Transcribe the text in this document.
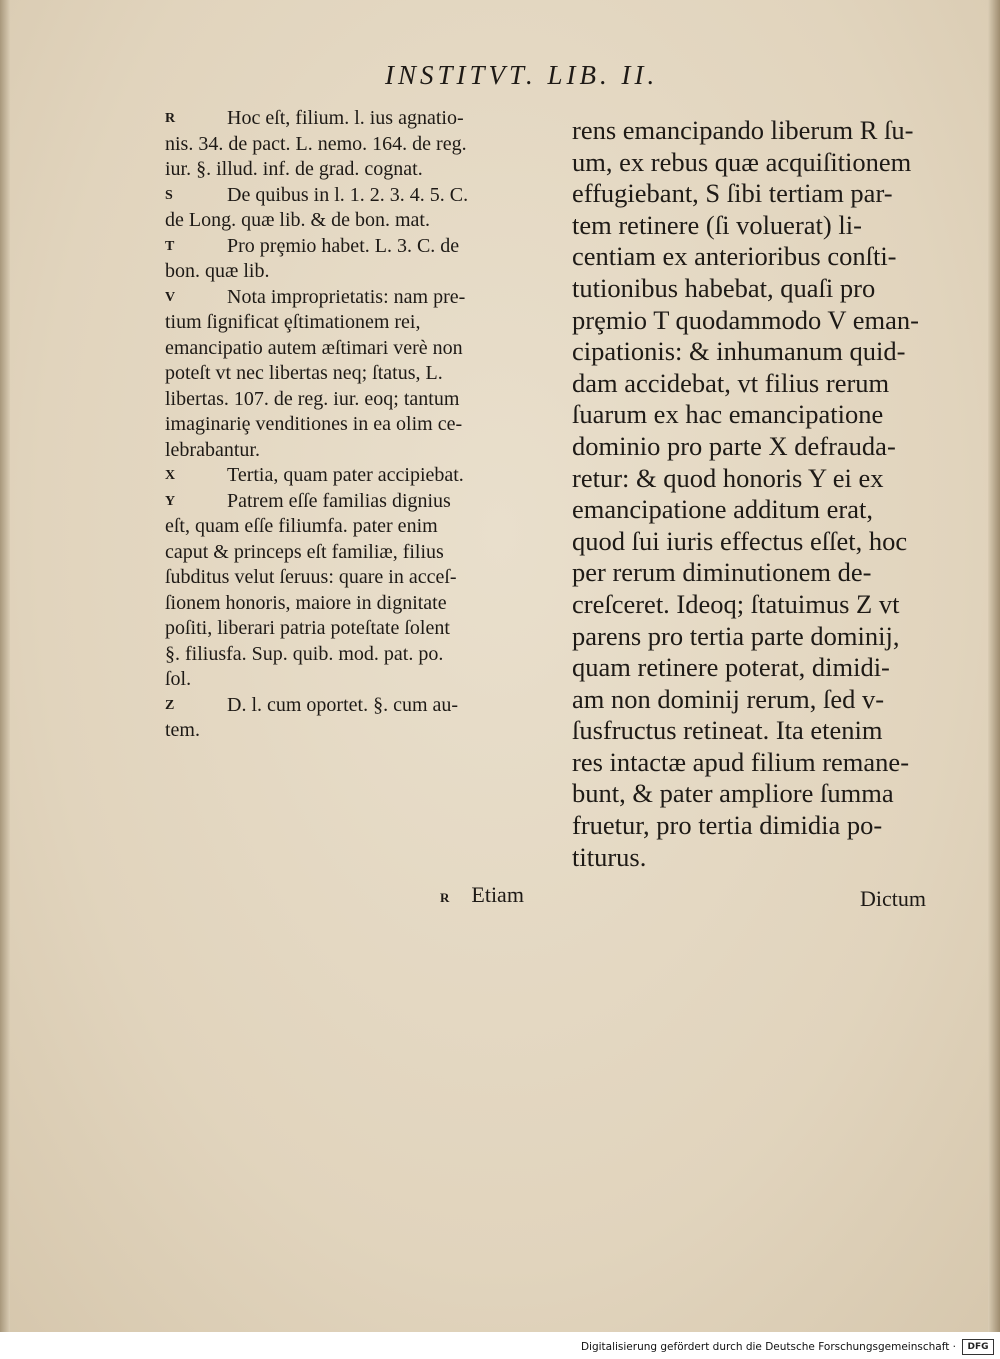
INSTITVT. LIB. II.
R	Hoc eſt, filium. l. ius agnatio-
nis. 34. de pact. L. nemo. 164. de reg.
iur. §. illud. inf. de grad. cognat.
S	De quibus in l. 1. 2. 3. 4. 5. C.
de Long. quæ lib. & de bon. mat.
T	Pro prȩmio habet. L. 3. C. de
bon. quæ lib.
V	Nota improprietatis: nam pre-
tium ſignificat ȩſtimationem rei,
emancipatio autem æſtimari verè non
poteſt vt nec libertas neq; ſtatus, L.
libertas. 107. de reg. iur. eoq; tantum
imaginariȩ venditiones in ea olim ce-
lebrabantur.
X	Tertia, quam pater accipiebat.
Y	Patrem eſſe familias dignius
eſt, quam eſſe filiumfa. pater enim
caput & princeps eſt familiæ, filius
ſubditus velut ſeruus: quare in acceſ-
ſionem honoris, maiore in dignitate
poſiti, liberari patria poteſtate ſolent
§. filiusfa. Sup. quib. mod. pat. po.
ſol.
Z	D. l. cum oportet. §. cum au-
tem.
rens emancipando liberum R ſu-
um, ex rebus quæ acquiſitionem
effugiebant, S ſibi tertiam par-
tem retinere (ſi voluerat) li-
centiam ex anterioribus conſti-
tutionibus habebat, quaſi pro
prȩmio T quodammodo V eman-
cipationis: & inhumanum quid-
dam accidebat, vt filius rerum
ſuarum ex hac emancipatione
dominio pro parte X defrauda-
retur: & quod honoris Y ei ex
emancipatione additum erat,
quod ſui iuris effectus eſſet, hoc
per rerum diminutionem de-
creſceret. Ideoq; ſtatuimus Z vt
parens pro tertia parte dominij,
quam retinere poterat, dimidi-
am non dominij rerum, ſed v-
ſusfructus retineat. Ita etenim
res intactæ apud filium remane-
bunt, & pater ampliore ſumma
fruetur, pro tertia dimidia po-
titurus.
R Etiam	Dictum
Digitalisierung gefördert durch die Deutsche Forschungsgemeinschaft ·	DFG
